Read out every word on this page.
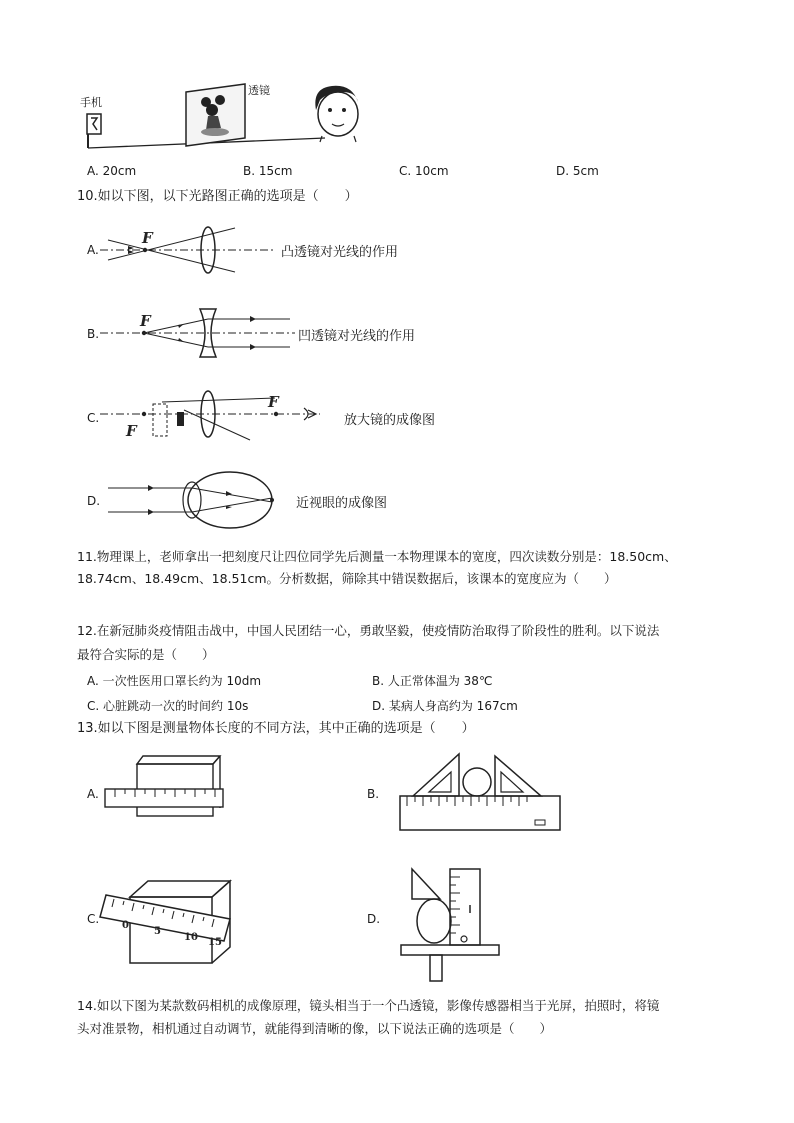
手机
透镜
A. 20cm	B. 15cm	C. 10cm	D. 5cm
10.如以下图，以下光路图正确的选项是（　　）
A.
F
凸透镜对光线的作用
B.
F
凹透镜对光线的作用
C.
F
F
放大镜的成像图
D.	近视眼的成像图
11.物理课上，老师拿出一把刻度尺让四位同学先后测量一本物理课本的宽度，四次读数分别是：18.50cm、
18.74cm、18.49cm、18.51cm。分析数据，筛除其中错误数据后，该课本的宽度应为（　　）
12.在新冠肺炎疫情阻击战中，中国人民团结一心，勇敢坚毅，使疫情防治取得了阶段性的胜利。以下说法
最符合实际的是（　　）
A. 一次性医用口罩长约为 10dm	B. 人正常体温为 38℃
C. 心脏跳动一次的时间约 10s	D. 某病人身高约为 167cm
13.如以下图是测量物体长度的不同方法，其中正确的选项是（　　）
A.	B.
C. 0
5
10 15
D.
14.如以下图为某款数码相机的成像原理，镜头相当于一个凸透镜，影像传感器相当于光屏，拍照时，将镜
头对准景物，相机通过自动调节，就能得到清晰的像，以下说法正确的选项是（　　）
